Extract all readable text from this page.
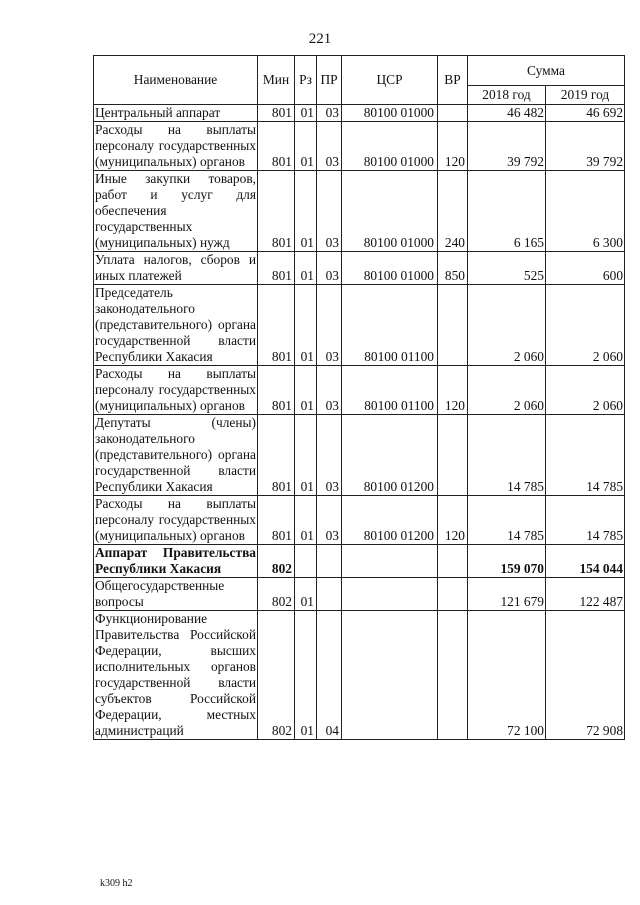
221
Наименование	Мин	Рз	ПР	ЦСР	ВР	Сумма	
						2018 год	2019 год
Центральный аппарат	801	01	03	80100 01000		46 482	46 692
Расходы на выплаты персоналу государственных (муниципальных) органов	801	01	03	80100 01000	120	39 792	39 792
Иные закупки товаров, работ и услуг для обеспечения государственных (муниципальных) нужд	801	01	03	80100 01000	240	6 165	6 300
Уплата налогов, сборов и иных платежей	801	01	03	80100 01000	850	525	600
Председатель законодательного (представительного) органа государственной власти Республики Хакасия	801	01	03	80100 01100		2 060	2 060
Расходы на выплаты персоналу государственных (муниципальных) органов	801	01	03	80100 01100	120	2 060	2 060
Депутаты (члены) законодательного (представительного) органа государственной власти Республики Хакасия	801	01	03	80100 01200		14 785	14 785
Расходы на выплаты персоналу государственных (муниципальных) органов	801	01	03	80100 01200	120	14 785	14 785
Аппарат Правительства Республики Хакасия	802					159 070	154 044
Общегосударственные вопросы	802	01				121 679	122 487
Функционирование Правительства Российской Федерации, высших исполнительных органов государственной власти субъектов Российской Федерации, местных администраций	802	01	04			72 100	72 908
k309 h2
